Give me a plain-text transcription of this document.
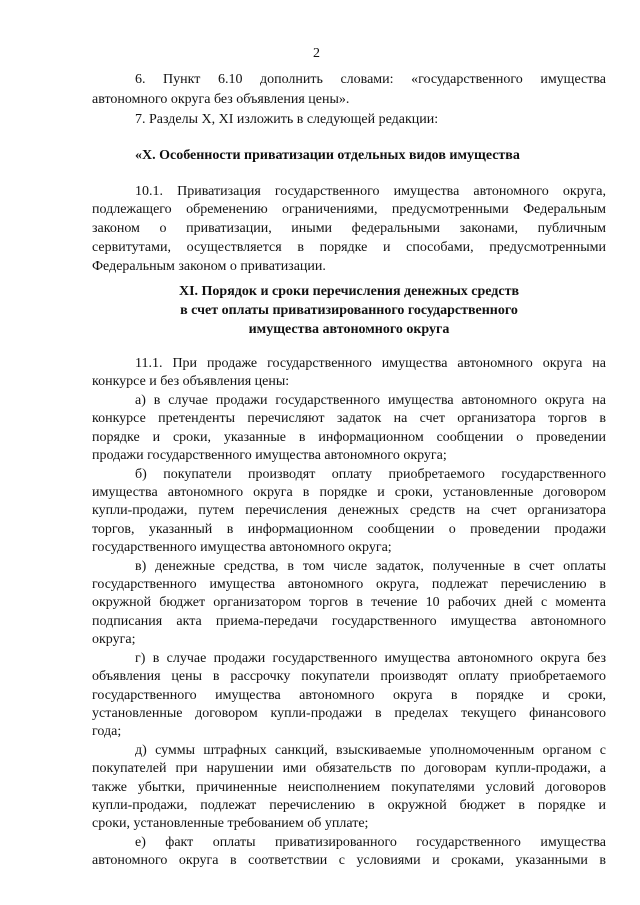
2
6. Пункт 6.10 дополнить словами: «государственного имущества
автономного округа без объявления цены».
7. Разделы X, XI изложить в следующей редакции:
«X. Особенности приватизации отдельных видов имущества
10.1. Приватизация государственного имущества автономного округа,
подлежащего обременению ограничениями, предусмотренными Федеральным
законом о приватизации, иными федеральными законами, публичным
сервитутами, осуществляется в порядке и способами, предусмотренными
Федеральным законом о приватизации.
XI. Порядок и сроки перечисления денежных средств
в счет оплаты приватизированного государственного
имущества автономного округа
11.1. При продаже государственного имущества автономного округа на
конкурсе и без объявления цены:
а) в случае продажи государственного имущества автономного округа на
конкурсе претенденты перечисляют задаток на счет организатора торгов в
порядке и сроки, указанные в информационном сообщении о проведении
продажи государственного имущества автономного округа;
б) покупатели производят оплату приобретаемого государственного
имущества автономного округа в порядке и сроки, установленные договором
купли-продажи, путем перечисления денежных средств на счет организатора
торгов, указанный в информационном сообщении о проведении продажи
государственного имущества автономного округа;
в) денежные средства, в том числе задаток, полученные в счет оплаты
государственного имущества автономного округа, подлежат перечислению в
окружной бюджет организатором торгов в течение 10 рабочих дней с момента
подписания акта приема-передачи государственного имущества автономного
округа;
г) в случае продажи государственного имущества автономного округа без
объявления цены в рассрочку покупатели производят оплату приобретаемого
государственного имущества автономного округа в порядке и сроки,
установленные договором купли-продажи в пределах текущего финансового
года;
д) суммы штрафных санкций, взыскиваемые уполномоченным органом с
покупателей при нарушении ими обязательств по договорам купли-продажи, а
также убытки, причиненные неисполнением покупателями условий договоров
купли-продажи, подлежат перечислению в окружной бюджет в порядке и
сроки, установленные требованием об уплате;
е) факт оплаты приватизированного государственного имущества
автономного округа в соответствии с условиями и сроками, указанными в
